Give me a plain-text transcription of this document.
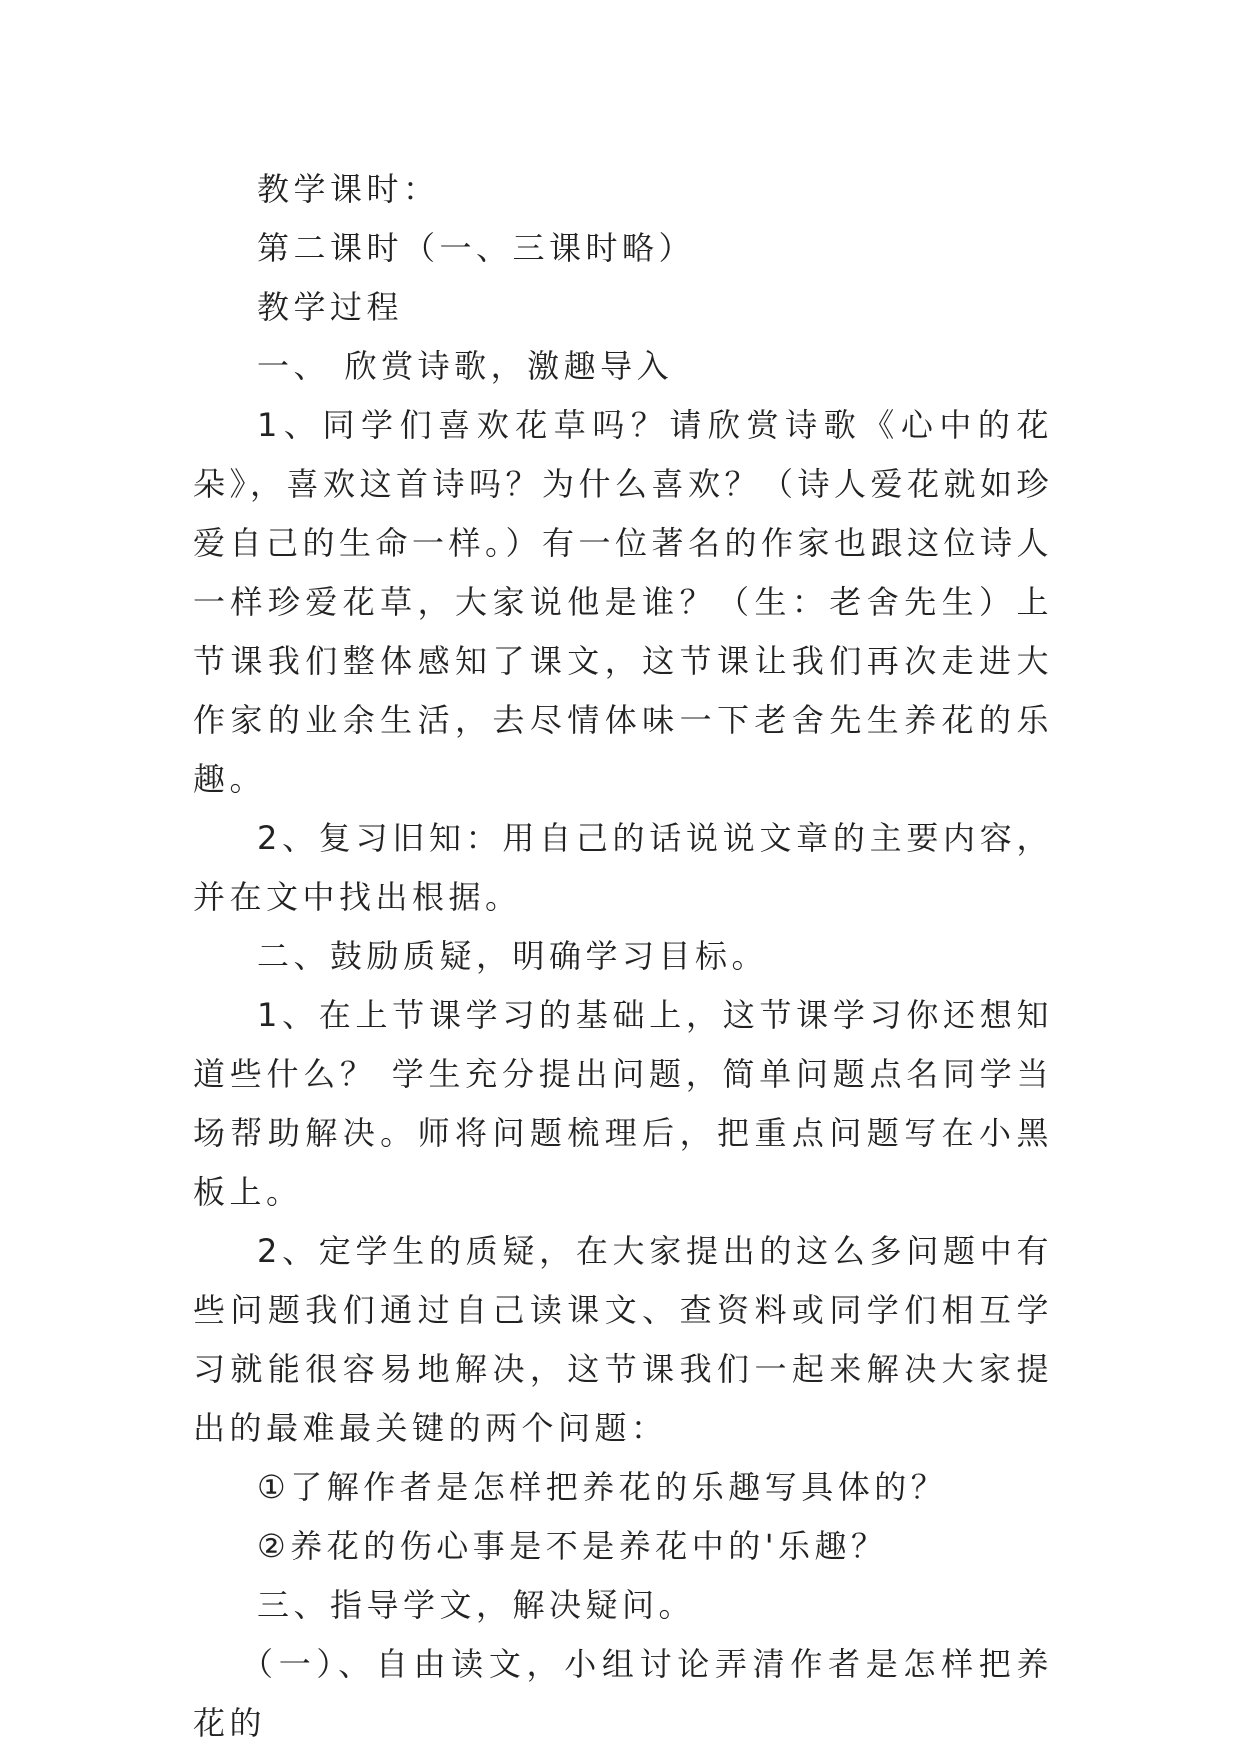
教学课时：

第二课时（一、三课时略）

教学过程

一、 欣赏诗歌，激趣导入

1、同学们喜欢花草吗？请欣赏诗歌《心中的花朵》，喜欢这首诗吗？为什么喜欢？（诗人爱花就如珍爱自己的生命一样。）有一位著名的作家也跟这位诗人一样珍爱花草，大家说他是谁？（生：老舍先生）上节课我们整体感知了课文，这节课让我们再次走进大作家的业余生活，去尽情体味一下老舍先生养花的乐趣。

2、复习旧知：用自己的话说说文章的主要内容，并在文中找出根据。

二、鼓励质疑，明确学习目标。

1、在上节课学习的基础上，这节课学习你还想知道些什么？ 学生充分提出问题，简单问题点名同学当场帮助解决。师将问题梳理后，把重点问题写在小黑板上。

2、定学生的质疑，在大家提出的这么多问题中有些问题我们通过自己读课文、查资料或同学们相互学习就能很容易地解决，这节课我们一起来解决大家提出的最难最关键的两个问题：

①了解作者是怎样把养花的乐趣写具体的？

②养花的伤心事是不是养花中的'乐趣？

三、指导学文，解决疑问。

（一）、自由读文，小组讨论弄清作者是怎样把养花的
